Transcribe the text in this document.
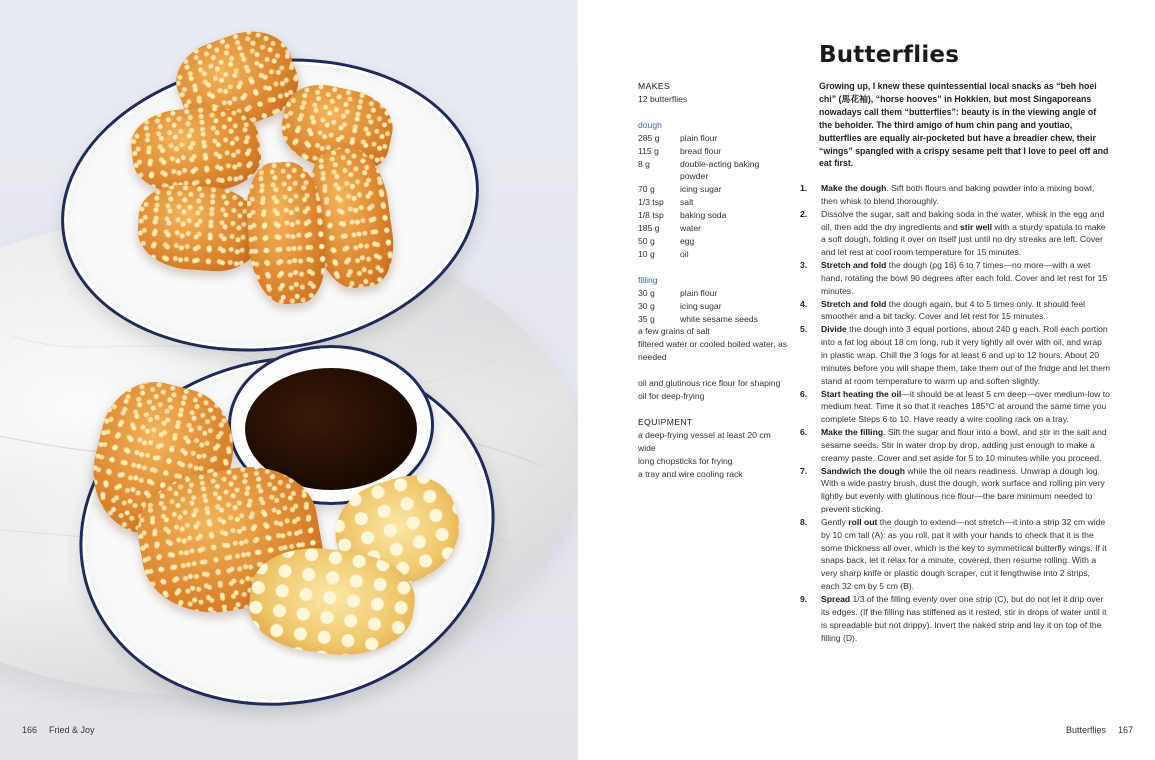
166 Fried & Joy
Butterflies
MAKES
12 butterflies
dough
285 g	plain flour
115 g	bread flour
8 g	double-acting baking powder
70 g	icing sugar
1/3 tsp	salt
1/8 tsp	baking soda
185 g	water
50 g	egg
10 g	oil
filling
30 g	plain flour
30 g	icing sugar
35 g	white sesame seeds
a few grains of salt
filtered water or cooled boiled water, as needed
oil and glutinous rice flour for shaping
oil for deep-frying
EQUIPMENT
a deep-frying vessel at least 20 cm wide
long chopsticks for frying
a tray and wire cooling rack

Growing up, I knew these quintessential local snacks as “beh hoei chi” (馬花袖), “horse hooves” in Hokkien, but most Singaporeans nowadays call them “butterflies”: beauty is in the viewing angle of the beholder. The third amigo of hum chin pang and youtiao, butterflies are equally air-pocketed but have a breadier chew, their “wings” spangled with a crispy sesame pelt that I love to peel off and eat first.

1. Make the dough. Sift both flours and baking powder into a mixing bowl, then whisk to blend thoroughly.
2. Dissolve the sugar, salt and baking soda in the water, whisk in the egg and oil, then add the dry ingredients and stir well with a sturdy spatula to make a soft dough, folding it over on itself just until no dry streaks are left. Cover and let rest at cool room temperature for 15 minutes.
3. Stretch and fold the dough (pg 16) 6 to 7 times—no more—with a wet hand, rotating the bowl 90 degrees after each fold. Cover and let rest for 15 minutes.
4. Stretch and fold the dough again, but 4 to 5 times only. It should feel smoother and a bit tacky. Cover and let rest for 15 minutes.
5. Divide the dough into 3 equal portions, about 240 g each. Roll each portion into a fat log about 18 cm long, rub it very lightly all over with oil, and wrap in plastic wrap. Chill the 3 logs for at least 6 and up to 12 hours. About 20 minutes before you will shape them, take them out of the fridge and let them stand at room temperature to warm up and soften slightly.
6. Start heating the oil—it should be at least 5 cm deep—over medium-low to medium heat. Time it so that it reaches 185°C at around the same time you complete Steps 6 to 10. Have ready a wire cooling rack on a tray.
6. Make the filling. Sift the sugar and flour into a bowl, and stir in the salt and sesame seeds. Stir in water drop by drop, adding just enough to make a creamy paste. Cover and set aside for 5 to 10 minutes while you proceed.
7. Sandwich the dough while the oil nears readiness. Unwrap a dough log. With a wide pastry brush, dust the dough, work surface and rolling pin very lightly but evenly with glutinous rice flour—the bare minimum needed to prevent sticking.
8. Gently roll out the dough to extend—not stretch—it into a strip 32 cm wide by 10 cm tall (A): as you roll, pat it with your hands to check that it is the some thickness all over, which is the key to symmetrical butterfly wings. If it snaps back, let it relax for a minute, covered, then resume rolling. With a very sharp knife or plastic dough scraper, cut it lengthwise into 2 strips, each 32 cm by 5 cm (B).
9. Spread 1/3 of the filling evenly over one strip (C), but do not let it drip over its edges. (If the filling has stiffened as it rested, stir in drops of water until it is spreadable but not drippy). Invert the naked strip and lay it on top of the filling (D).
Butterflies 167
